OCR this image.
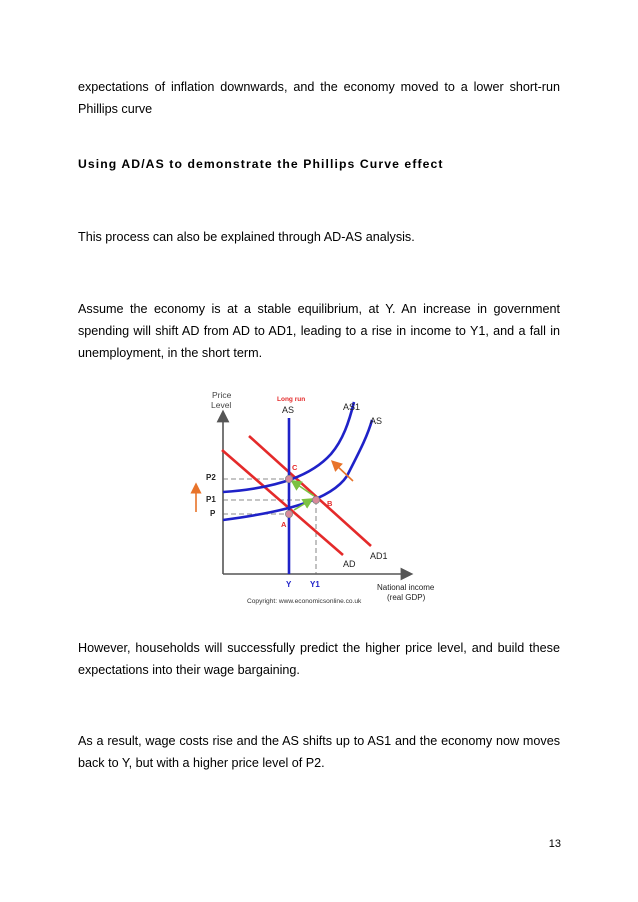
expectations of inflation downwards, and the economy moved to a lower short-run Phillips curve

Using AD/AS to demonstrate the Phillips Curve effect

This process can also be explained through AD-AS analysis.

Assume the economy is at a stable equilibrium, at Y. An increase in government spending will shift AD from AD to AD1, leading to a rise in income to Y1, and a fall in unemployment, in the short term.

Price
Level
Long run
AS	AS1
AS
P2
P1
P
C
B
A
AD
AD1
Y Y1	National income
(real GDP)
Copyright: www.economicsonline.co.uk

However, households will successfully predict the higher price level, and build these expectations into their wage bargaining.

As a result, wage costs rise and the AS shifts up to AS1 and the economy now moves back to Y, but with a higher price level of P2.

13
